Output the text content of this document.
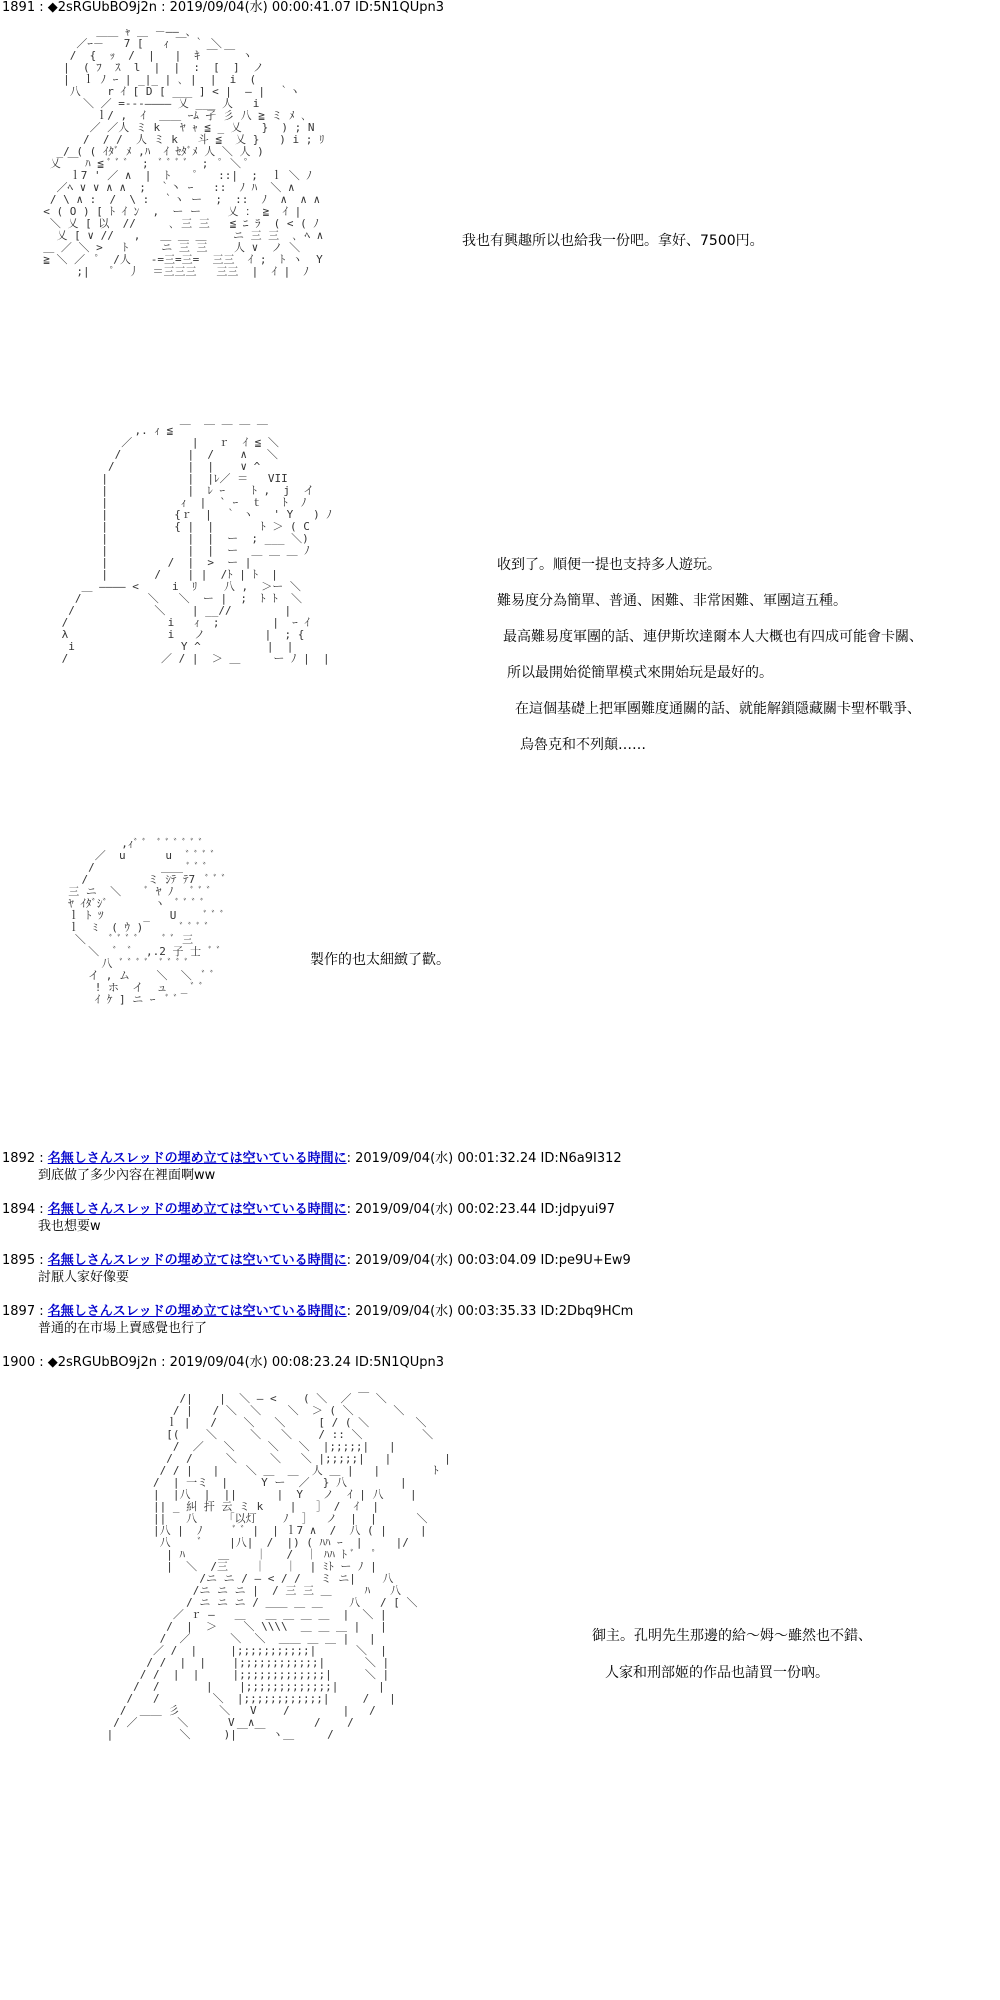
1891 : ◆2sRGUbBO9j2n : 2019/09/04(水) 00:00:41.07 ID:5N1QUpn3
＿＿ ｬ ＿ －―― 、
／ｰ－   7 [   ｨ ￣ ｀ ＼
/  {  ｯ  /  |   |  ｷ ￣ ￣ ヽ
|  ( ﾌ  ｽ  l  |  |  :  [  ]  ノ
|  ｌ ﾉ ｰ | _|_ | ､ |  |  i  (
八    r ｲ [ D [ ___ ] < |  ― |  ｀ヽ
＼ ／ =---―――― 乂 ___ 人   i
ｌ/ ,  ｲ  ＿＿ ｰﾑ 孑 彡 八 ≧ ミ ﾒ ､
／ ／人 ミ k   ﾔ ｬ ≦ _ 乂   }  ) ; N
/  / /  人 ミ k   斗 ≦  乂 }   ) i ; ﾘ
_/ ( ( ｲﾀﾞ ﾒ ,ﾊ  ｲ ｾﾀﾞﾒ 人 ＼ 人 )
乂 ￣ ﾊ ≦ ﾞ ﾞ ﾞ  ;  ﾞ ﾞ ﾞ ﾞ  ;  ﾟ ＼ ﾟ
ｌ7 ' ／ ∧  |  ﾄ    ﾟ   ::|  ;  ｌ ＼ ﾉ
／ﾍ ∨ ∨ ∧ ∧  ;  ｀丶 ｰ   ::  ﾉ ﾊ  ＼ ∧
/ \ ∧ :  /  \ :  ｀ヽ ー  ;  ::  ﾉ  ∧  ∧ ∧
< ( O ) [ ﾄ ｲ ﾝ  ,  ー ー    乂 ： ≧  ｲ |
＼ 乂 [ 以  //     ､ 三 三   ≦ ﾆ ﾗ  ( < ( ﾉ
乂 [ ∨ //   ,   ＿ ＿ ＿    ニ 三 三  ､ ﾍ ∧
＿ ／ ＼ >   ﾄ     ニ 三 三    人 ∨  ノ ＼
≧ ＼ ／  ﾟ  /人   -=三=三=  三三  ｲ ;  ﾄ ヽ  Y
;|   ﾟ  丿  ＝三三三   三三  |  ｲ |  ﾉ
我也有興趣所以也給我一份吧。拿好、7500円。
,. ｨ ≦ ￣  ￣ ￣ ￣ ￣
／         |   ｒ  ｲ ≦ ＼
/          |  /    ∧   ＼
/           |  |    ∨ ^
|            |  |ﾚ／ ＝   VII
|            |  ﾚ ｰ    ﾄ ,  j  イ
|           ｨ  |  ` ｰ  ｔ   ﾄ  ﾉ
|          {ｒ  |  ｀ ヽ   ' Y   ) ﾉ
|          { |  |       ﾄ ＞ ( C
|            |  |  ー  ; ___ ＼)
|            |  |  ー  ＿ ＿ ＿ ﾉ
|         /  |  >  ー |
|       /    | |  /ﾄ | ﾄ  |
＿ ―――― <     i  ﾘ    八 ,  ＞ー ＼
/          ＼   ＼  ー |  ;  ﾄ ﾄ  ＼
/            ＼    | __//        |
/               i   ｨ  ;        |  ｰ ｲ
λ               i   ノ         |  ; {
i                Y ^          |  |
/              ／ / |  ＞ ＿     ー ﾉ |  |
收到了。順便一提也支持多人遊玩。
難易度分為簡單、普通、困難、非常困難、軍團這五種。
最高難易度軍團的話、連伊斯坎達爾本人大概也有四成可能會卡關、
所以最開始從簡單模式來開始玩是最好的。
在這個基礎上把軍團難度通關的話、就能解鎖隱藏關卡聖杯戰爭、
烏魯克和不列顛……
,ｨﾞ ﾞ  ﾞ ﾞ ﾞ ﾞ ﾞ ﾞ
／  u      u  ﾞ ﾞ ﾞ ﾞ
/          ＿＿ ﾞ ﾞ ﾞ
/         ミ ｼﾃ ﾃ7  ﾞ ﾞ ﾞ
三 ニ  ＼    ﾞ ﾔ ﾉ   ﾞ ﾞ ﾞ
ﾔ ｲﾀﾞｼﾞ       ヽ  ﾞ ﾞ ﾞ ﾞ
ｌ ﾄ ﾂ      _   U    ﾞ ﾞ ﾞ
ｌ  ﾐ  ( ｳ )      ﾞ ﾞ ﾞ ﾞ
＼    ﾞ ﾞ ﾞ ﾞ    ﾞ ﾞ 三
＼  ﾞ  ﾞ  ,.2 子 士 ﾞ ﾞ
八 ﾞ ﾞ ﾞ ﾞ  ﾞ ﾞ ﾞ ﾞ
イ , ム    ＼  ＼  ﾞ ﾞ
! ホ  イ  ュ  _ ﾞ ﾞ
ｲ ｹ ] ニ ｰ  ﾞ ﾞ
製作的也太細緻了歡。
1892 : 名無しさんスレッドの埋め立ては空いている時間に: 2019/09/04(水) 00:01:32.24 ID:N6a9I312
到底做了多少內容在裡面啊ww
1894 : 名無しさんスレッドの埋め立ては空いている時間に: 2019/09/04(水) 00:02:23.44 ID:jdpyui97
我也想要w
1895 : 名無しさんスレッドの埋め立ては空いている時間に: 2019/09/04(水) 00:03:04.09 ID:pe9U+Ew9
討厭人家好像要
1897 : 名無しさんスレッドの埋め立ては空いている時間に: 2019/09/04(水) 00:03:35.33 ID:2Dbq9HCm
普通的在市場上賣感覺也行了
1900 : ◆2sRGUbBO9j2n : 2019/09/04(水) 00:08:23.24 ID:5N1QUpn3
/|    |  ＼ ― <    ( ＼  ／ ￣ ＼
/ |   / ＼  ＼    ＼  ＞ ( ＼      ＼
ｌ |   /    ＼   ＼     [ / ( ＼       ＼
[(    ＼     ＼   ＼    / :: ＼         ＼
/  ／   ＼     ＼   ＼  |;;;;;|   |
/  /     ＼     ＼   ＼ |;;;;;|   |        |
/ / |   |    ＼ ＿  ＿  人 ＿ |   |        ﾄ
/  | 一ミ  |     Y ー  ／  } 八        |
|  |八  |  ||      |  Y   ノ  ｲ | 八    |
|| _ 糾 扞 云 ミ k    |   ］ /  ｲ  |
||   八    「以灯    ﾉ  ］  ノ  |  |      ＼
|八 |  ﾉ     ﾞ ﾞ |  | ｌ7 ∧  /  八 ( |     |
八    ﾞ    |八|  /  |) ( ﾊﾊ ｰ  |     |/
| ﾊ     ＿    ｜   /  ｜ ﾊﾊ ﾄ ﾞ   ﾟ
|  ＼  /三    ｜   ｜  | ﾐﾄ ー ﾉ |
/ニ ニ / ― < / /   ミ ニ|    八
/ニ ニ ニ |  / 三 三 ＿     ﾊ   八
/ ニ ニ ニ / ＿＿ ＿ ＿    八   / [ ＼
／ ｒ ―   ＿   ＿ ＿ ＿ ＿  |  ＼ |
/  |  ＞    ＼ \\\\  ＿ ＿ ＿ |   |
/  ／      ＼  ＼  ＿＿ ＿ ＿ |   |
／ /  |     |;;;;;;;;;;;|      ＼  |
/ /  |  |    |;;;;;;;;;;;;|      ＼ |
/ /  |  |     |;;;;;;;;;;;;;|     ＼ |
/  /       |    |;;;;;;;;;;;;;|      |
/   /        ＼  |;;;;;;;;;;;;|     /   |
/  ＿＿ 彡      ＼   V    /        |   /
/ ／      ＼      V  ∧         /    /
|          ＼     )|￣ ￣ ヽ＿     /
御主。孔明先生那邊的給～姆～雖然也不錯、
人家和刑部姬的作品也請買一份吶。
